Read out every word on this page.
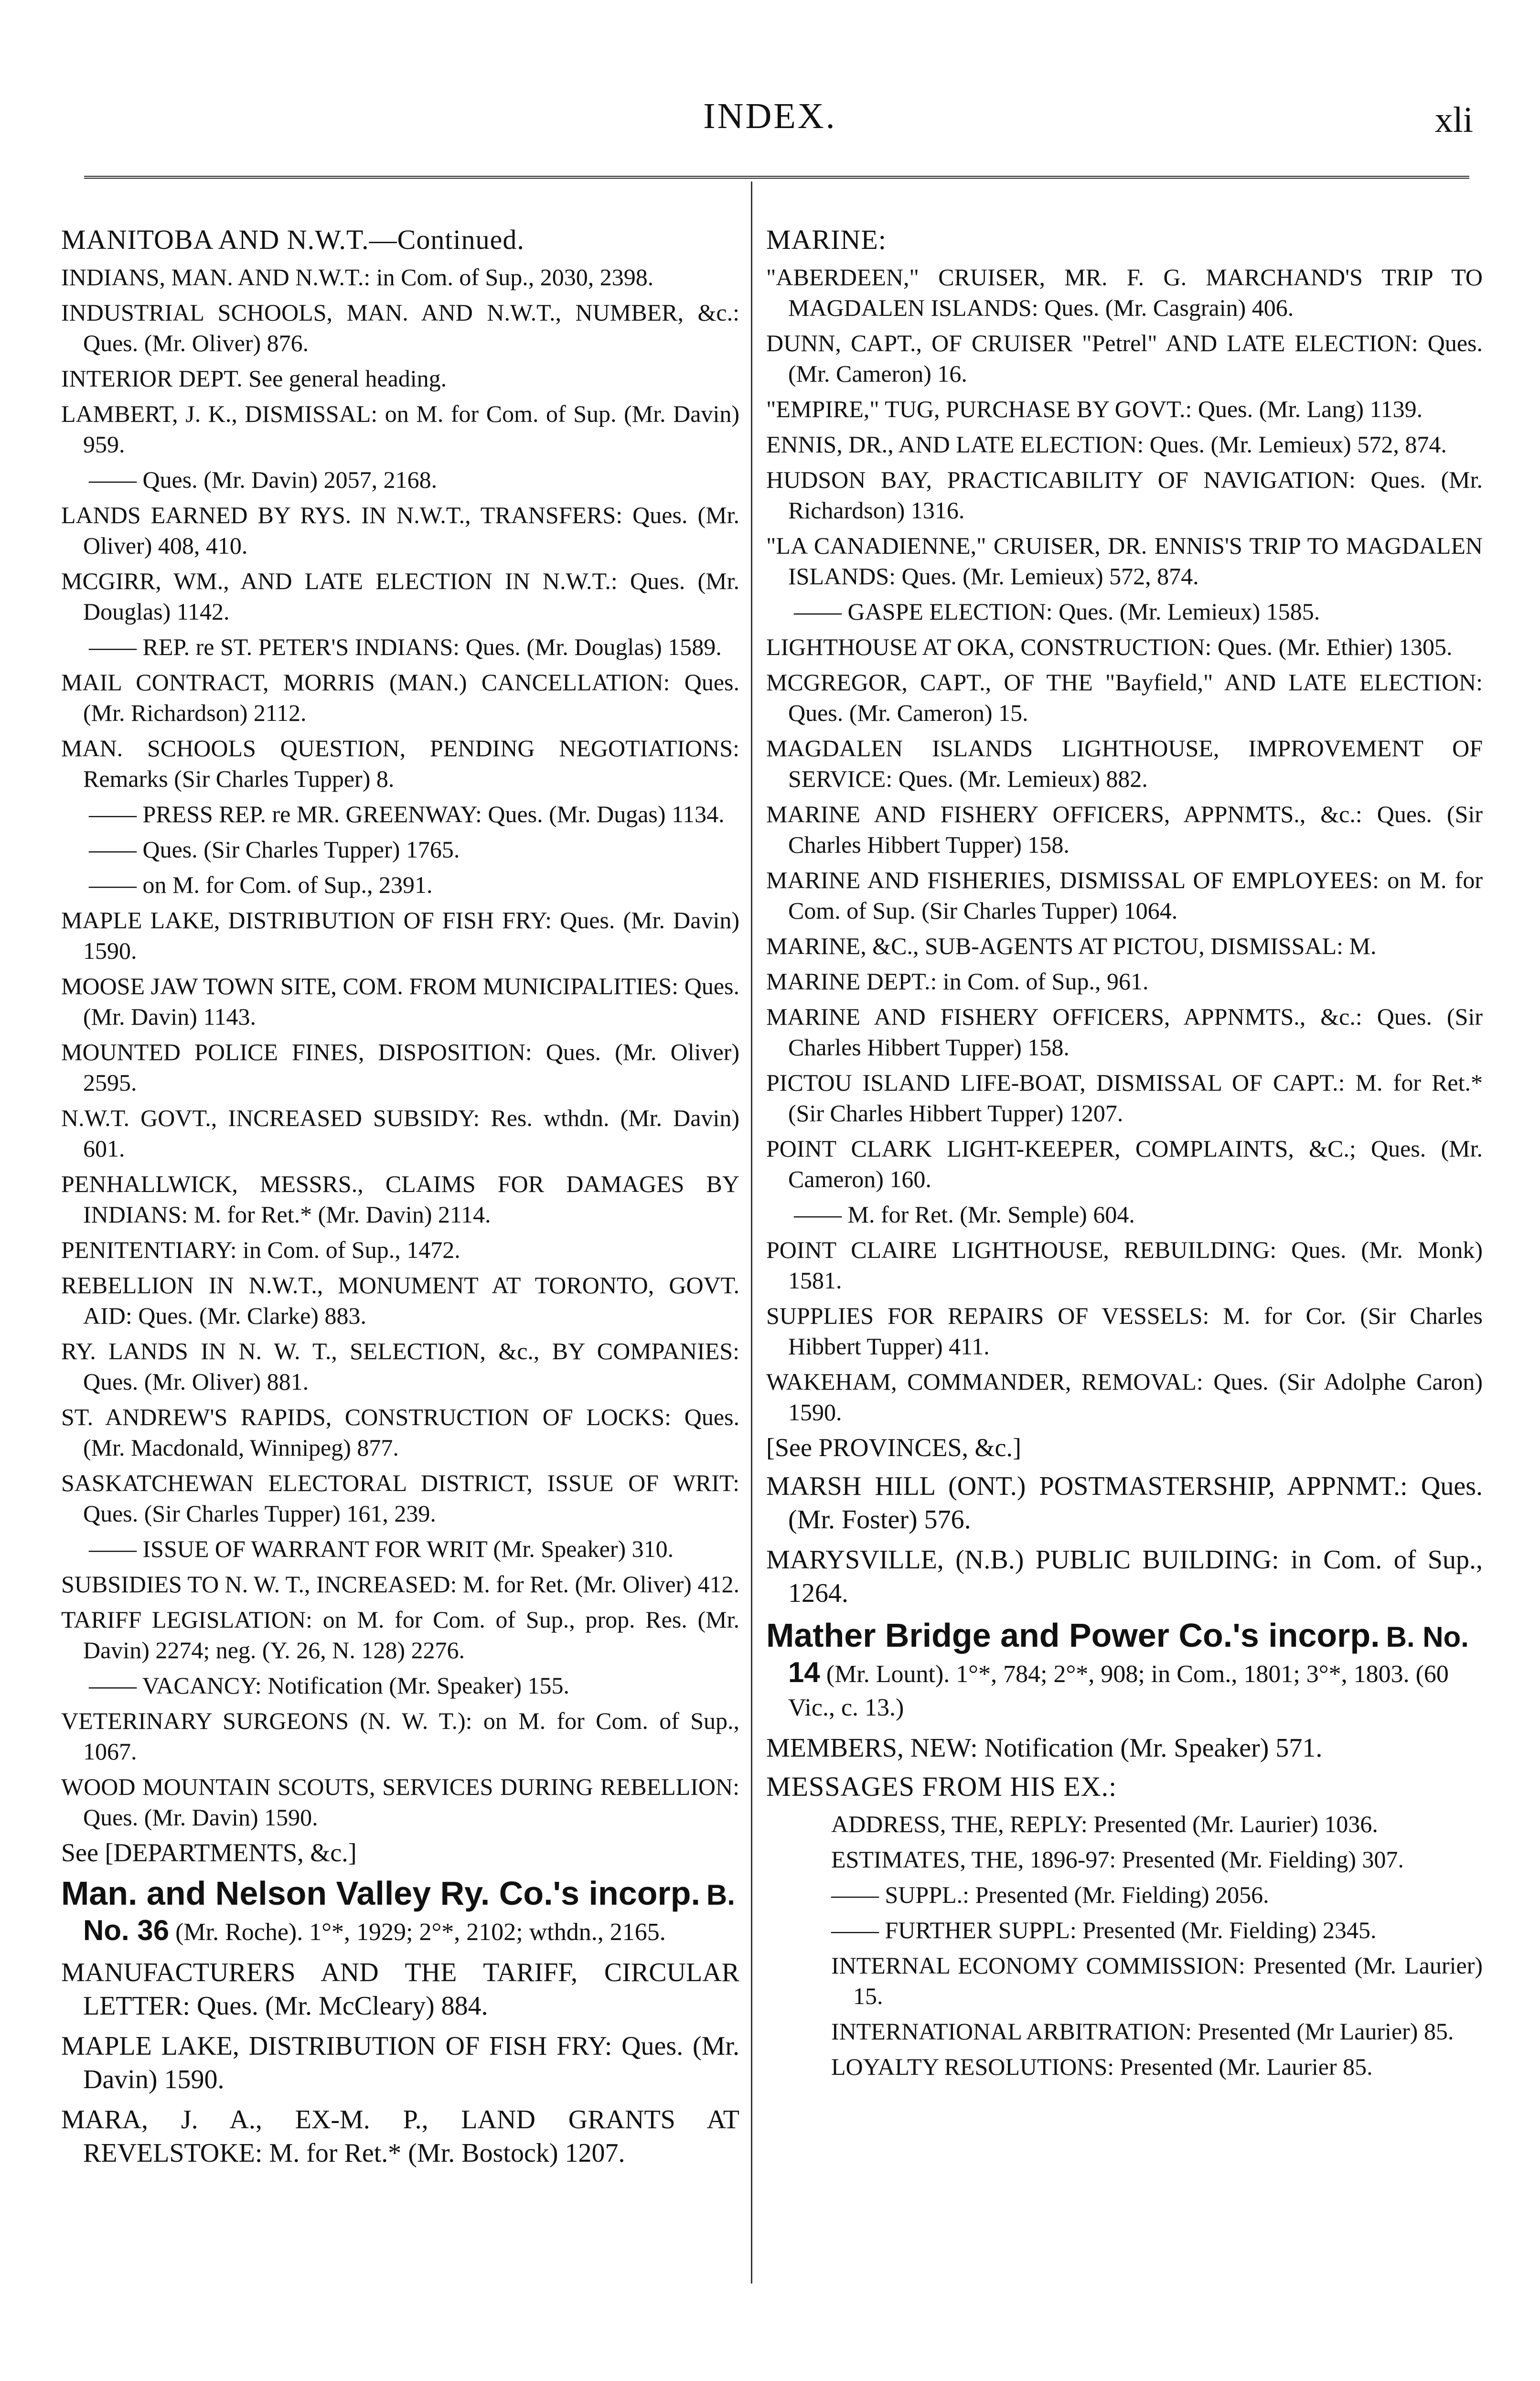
INDEX.	xli
MANITOBA AND N.W.T.—Continued.
INDIANS, MAN. AND N.W.T.: in Com. of Sup., 2030, 2398.
INDUSTRIAL SCHOOLS, MAN. AND N.W.T., NUMBER, &c.: Ques. (Mr. Oliver) 876.
INTERIOR DEPT. See general heading.
LAMBERT, J. K., DISMISSAL: on M. for Com. of Sup. (Mr. Davin) 959.
—— Ques. (Mr. Davin) 2057, 2168.
LANDS EARNED BY RYS. IN N.W.T., TRANSFERS: Ques. (Mr. Oliver) 408, 410.
MCGIRR, WM., AND LATE ELECTION IN N.W.T.: Ques. (Mr. Douglas) 1142.
—— REP. re ST. PETER'S INDIANS: Ques. (Mr. Douglas) 1589.
MAIL CONTRACT, MORRIS (MAN.) CANCELLATION: Ques. (Mr. Richardson) 2112.
MAN. SCHOOLS QUESTION, PENDING NEGOTIATIONS: Remarks (Sir Charles Tupper) 8.
—— PRESS REP. re MR. GREENWAY: Ques. (Mr. Dugas) 1134.
—— Ques. (Sir Charles Tupper) 1765.
—— on M. for Com. of Sup., 2391.
MAPLE LAKE, DISTRIBUTION OF FISH FRY: Ques. (Mr. Davin) 1590.
MOOSE JAW TOWN SITE, COM. FROM MUNICIPALITIES: Ques. (Mr. Davin) 1143.
MOUNTED POLICE FINES, DISPOSITION: Ques. (Mr. Oliver) 2595.
N.W.T. GOVT., INCREASED SUBSIDY: Res. wthdn. (Mr. Davin) 601.
PENHALLWICK, MESSRS., CLAIMS FOR DAMAGES BY INDIANS: M. for Ret.* (Mr. Davin) 2114.
PENITENTIARY: in Com. of Sup., 1472.
REBELLION IN N.W.T., MONUMENT AT TORONTO, GOVT. AID: Ques. (Mr. Clarke) 883.
RY. LANDS IN N. W. T., SELECTION, &c., BY COMPANIES: Ques. (Mr. Oliver) 881.
ST. ANDREW'S RAPIDS, CONSTRUCTION OF LOCKS: Ques. (Mr. Macdonald, Winnipeg) 877.
SASKATCHEWAN ELECTORAL DISTRICT, ISSUE OF WRIT: Ques. (Sir Charles Tupper) 161, 239.
—— ISSUE OF WARRANT FOR WRIT (Mr. Speaker) 310.
SUBSIDIES TO N. W. T., INCREASED: M. for Ret. (Mr. Oliver) 412.
TARIFF LEGISLATION: on M. for Com. of Sup., prop. Res. (Mr. Davin) 2274; neg. (Y. 26, N. 128) 2276.
—— VACANCY: Notification (Mr. Speaker) 155.
VETERINARY SURGEONS (N. W. T.): on M. for Com. of Sup., 1067.
WOOD MOUNTAIN SCOUTS, SERVICES DURING REBELLION: Ques. (Mr. Davin) 1590.
See [DEPARTMENTS, &c.]
Man. and Nelson Valley Ry. Co.'s incorp. B. No. 36 (Mr. Roche). 1°*, 1929; 2°*, 2102; wthdn., 2165.
MANUFACTURERS AND THE TARIFF, CIRCULAR LETTER: Ques. (Mr. McCleary) 884.
MAPLE LAKE, DISTRIBUTION OF FISH FRY: Ques. (Mr. Davin) 1590.
MARA, J. A., EX-M. P., LAND GRANTS AT REVELSTOKE: M. for Ret.* (Mr. Bostock) 1207.
MARINE:
"ABERDEEN," CRUISER, MR. F. G. MARCHAND'S TRIP TO MAGDALEN ISLANDS: Ques. (Mr. Casgrain) 406.
DUNN, CAPT., OF CRUISER "Petrel" AND LATE ELECTION: Ques. (Mr. Cameron) 16.
"EMPIRE," TUG, PURCHASE BY GOVT.: Ques. (Mr. Lang) 1139.
ENNIS, DR., AND LATE ELECTION: Ques. (Mr. Lemieux) 572, 874.
HUDSON BAY, PRACTICABILITY OF NAVIGATION: Ques. (Mr. Richardson) 1316.
"LA CANADIENNE," CRUISER, DR. ENNIS'S TRIP TO MAGDALEN ISLANDS: Ques. (Mr. Lemieux) 572, 874.
—— GASPE ELECTION: Ques. (Mr. Lemieux) 1585.
LIGHTHOUSE AT OKA, CONSTRUCTION: Ques. (Mr. Ethier) 1305.
MCGREGOR, CAPT., OF THE "Bayfield," AND LATE ELECTION: Ques. (Mr. Cameron) 15.
MAGDALEN ISLANDS LIGHTHOUSE, IMPROVEMENT OF SERVICE: Ques. (Mr. Lemieux) 882.
MARINE AND FISHERY OFFICERS, APPNMTS., &c.: Ques. (Sir Charles Hibbert Tupper) 158.
MARINE AND FISHERIES, DISMISSAL OF EMPLOYEES: on M. for Com. of Sup. (Sir Charles Tupper) 1064.
MARINE, &C., SUB-AGENTS AT PICTOU, DISMISSAL: M.
MARINE DEPT.: in Com. of Sup., 961.
MARINE AND FISHERY OFFICERS, APPNMTS., &c.: Ques. (Sir Charles Hibbert Tupper) 158.
PICTOU ISLAND LIFE-BOAT, DISMISSAL OF CAPT.: M. for Ret.* (Sir Charles Hibbert Tupper) 1207.
POINT CLARK LIGHT-KEEPER, COMPLAINTS, &C.; Ques. (Mr. Cameron) 160.
—— M. for Ret. (Mr. Semple) 604.
POINT CLAIRE LIGHTHOUSE, REBUILDING: Ques. (Mr. Monk) 1581.
SUPPLIES FOR REPAIRS OF VESSELS: M. for Cor. (Sir Charles Hibbert Tupper) 411.
WAKEHAM, COMMANDER, REMOVAL: Ques. (Sir Adolphe Caron) 1590.
[See PROVINCES, &c.]
MARSH HILL (ONT.) POSTMASTERSHIP, APPNMT.: Ques. (Mr. Foster) 576.
MARYSVILLE, (N.B.) PUBLIC BUILDING: in Com. of Sup., 1264.
Mather Bridge and Power Co.'s incorp. B. No. 14 (Mr. Lount). 1°*, 784; 2°*, 908; in Com., 1801; 3°*, 1803. (60 Vic., c. 13.)
MEMBERS, NEW: Notification (Mr. Speaker) 571.
MESSAGES FROM HIS EX.:
ADDRESS, THE, REPLY: Presented (Mr. Laurier) 1036.
ESTIMATES, THE, 1896-97: Presented (Mr. Fielding) 307.
—— SUPPL.: Presented (Mr. Fielding) 2056.
—— FURTHER SUPPL: Presented (Mr. Fielding) 2345.
INTERNAL ECONOMY COMMISSION: Presented (Mr. Laurier) 15.
INTERNATIONAL ARBITRATION: Presented (Mr Laurier) 85.
LOYALTY RESOLUTIONS: Presented (Mr. Laurier 85.
